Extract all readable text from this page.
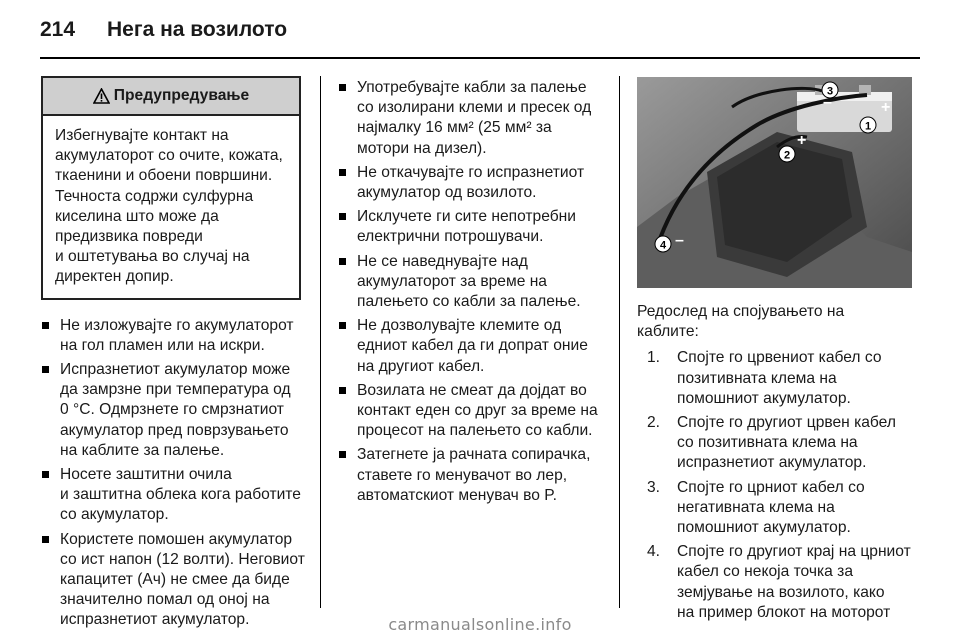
214	Нега на возилото
Предупредување
Избегнувајте контакт на
акумулаторот со очите, кожата,
ткаенини и обоени површини.
Течноста содржи сулфурна
киселина што може да
предизвика повреди
и оштетувања во случај на
директен допир.
Не изложувајте го акумулаторот
на гол пламен или на искри.
Испразнетиот акумулатор може
да замрзне при температура од
0 °C. Одмрзнете го смрзнатиот
акумулатор пред поврзувањето
на каблите за палење.
Носете заштитни очила
и заштитна облека кога работите
со акумулатор.
Користете помошен акумулатор
со ист напон (12 волти). Неговиот
капацитет (Ач) не смее да биде
значително помал од оној на
испразнетиот акумулатор.
Употребувајте кабли за палење
со изолирани клеми и пресек од
најмалку 16 мм² (25 мм² за
мотори на дизел).
Не откачувајте го испразнетиот
акумулатор од возилото.
Исклучете ги сите непотребни
електрични потрошувачи.
Не се наведнувајте над
акумулаторот за време на
палењето со кабли за палење.
Не дозволувајте клемите од
едниот кабел да ги допрат оние
на другиот кабел.
Возилата не смеат да дојдат во
контакт еден со друг за време на
процесот на палењето со кабли.
Затегнете ја рачната сопирачка,
ставете го менувачот во лер,
автоматскиот менувач во P.
1
2
3
4
+
+
–
–
Редослед на спојувањето на
каблите:
1. Спојте го црвениот кабел со
позитивната клема на
помошниот акумулатор.
2. Спојте го другиот црвен кабел
со позитивната клема на
испразнетиот акумулатор.
3. Спојте го црниот кабел со
негативната клема на
помошниот акумулатор.
4. Спојте го другиот крај на црниот
кабел со некоја точка за
земјување на возилото, како
на пример блокот на моторот
carmanualsonline.info
